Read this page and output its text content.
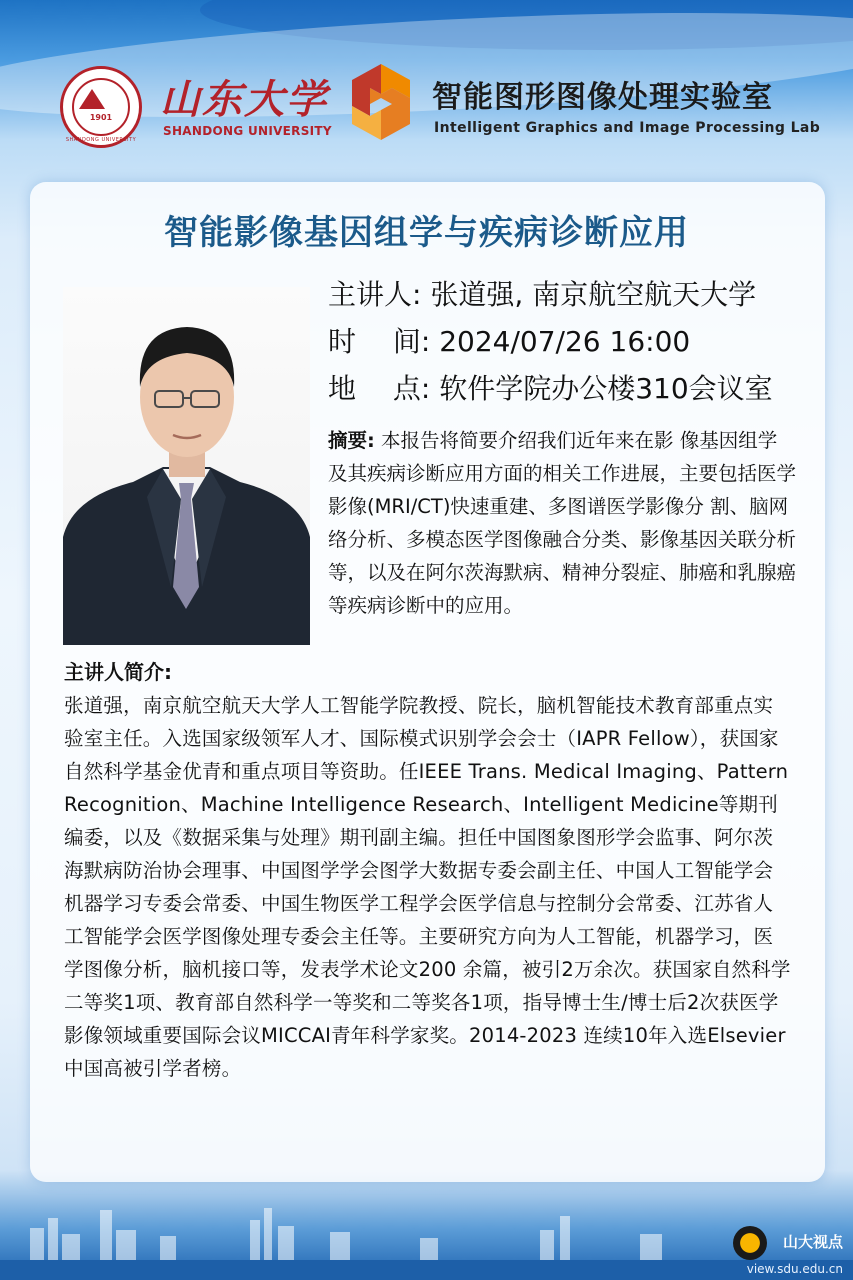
1901
SHANDONG UNIVERSITY
山东大学
SHANDONG UNIVERSITY
智能图形图像处理实验室
Intelligent Graphics and Image Processing Lab
智能影像基因组学与疾病诊断应用
主讲人: 张道强, 南京航空航天大学
时　 间: 2024/07/26 16:00
地　 点: 软件学院办公楼310会议室
摘要: 本报告将简要介绍我们近年来在影 像基因组学及其疾病诊断应用方面的相关工作进展，主要包括医学影像(MRI/CT)快速重建、多图谱医学影像分 割、脑网络分析、多模态医学图像融合分类、影像基因关联分析等，以及在阿尔茨海默病、精神分裂症、肺癌和乳腺癌等疾病诊断中的应用。
主讲人简介:
张道强，南京航空航天大学人工智能学院教授、院长，脑机智能技术教育部重点实验室主任。入选国家级领军人才、国际模式识别学会会士（IAPR Fellow），获国家自然科学基金优青和重点项目等资助。任IEEE Trans. Medical Imaging、Pattern Recognition、Machine Intelligence Research、Intelligent Medicine等期刊编委，以及《数据采集与处理》期刊副主编。担任中国图象图形学会监事、阿尔茨海默病防治协会理事、中国图学学会图学大数据专委会副主任、中国人工智能学会机器学习专委会常委、中国生物医学工程学会医学信息与控制分会常委、江苏省人工智能学会医学图像处理专委会主任等。主要研究方向为人工智能，机器学习，医学图像分析，脑机接口等，发表学术论文200 余篇，被引2万余次。获国家自然科学二等奖1项、教育部自然科学一等奖和二等奖各1项，指导博士生/博士后2次获医学影像领域重要国际会议MICCAI青年科学家奖。2014-2023 连续10年入选Elsevier 中国高被引学者榜。
山大视点
view.sdu.edu.cn
